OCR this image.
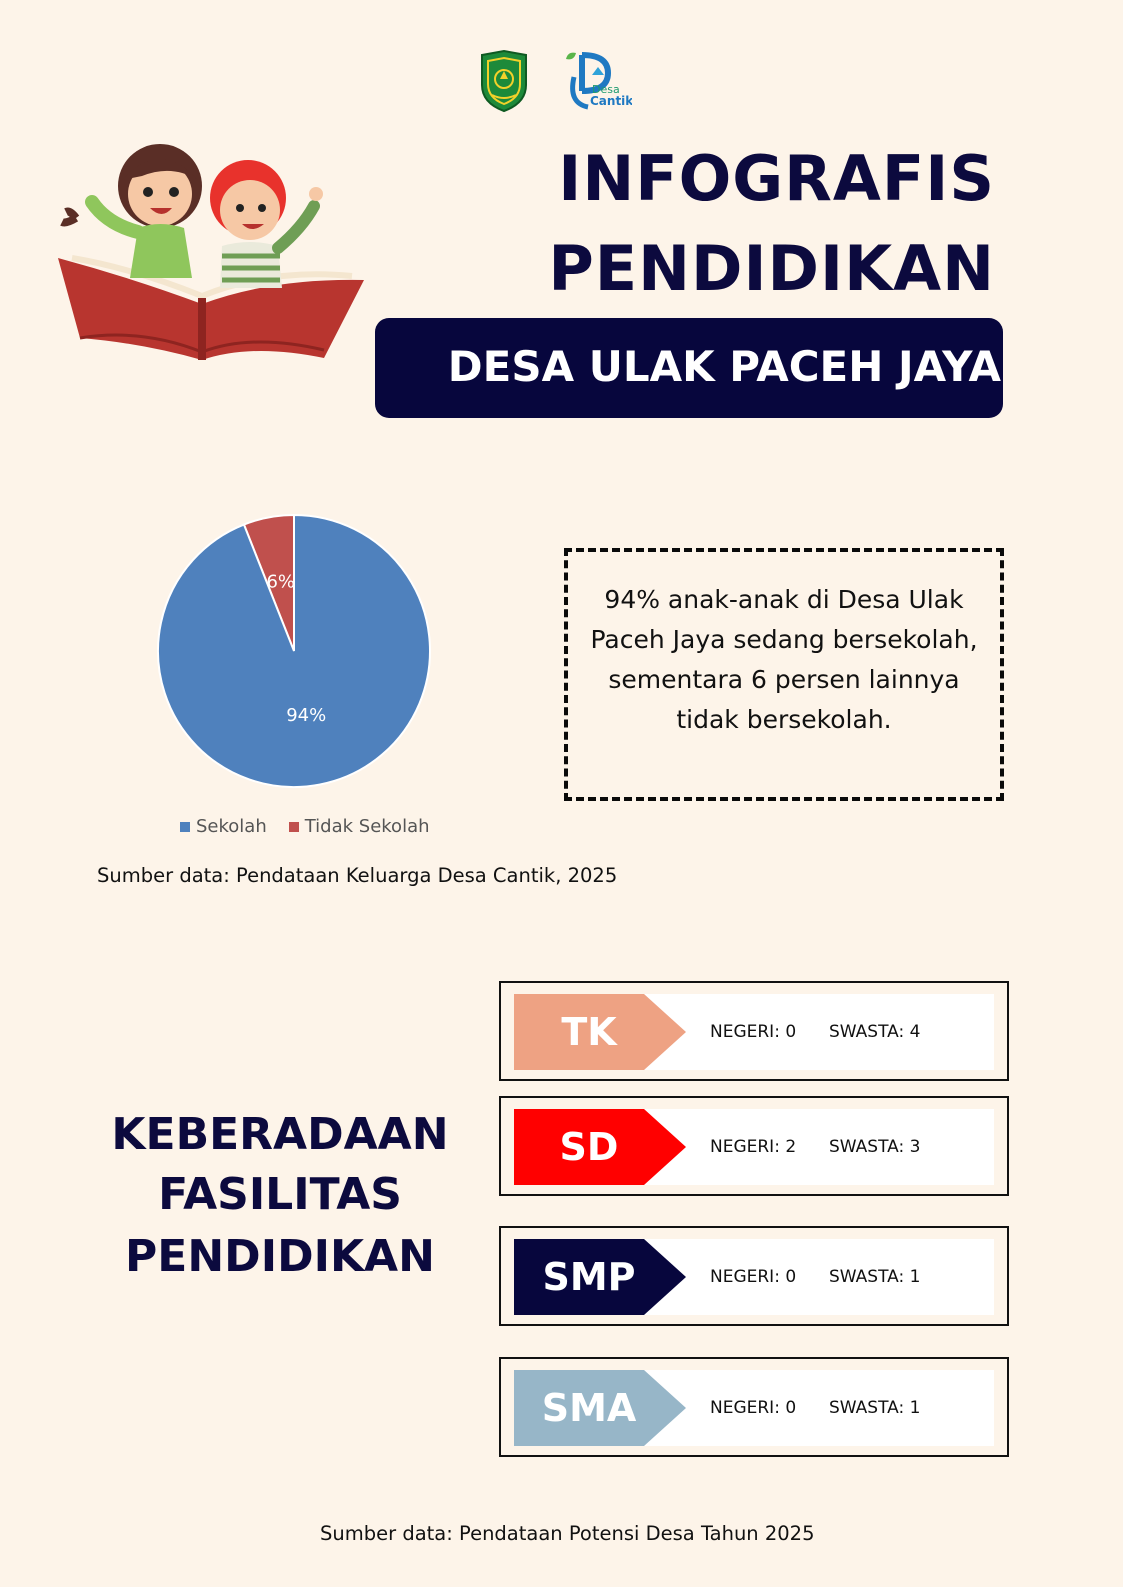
Desa
Cantik
INFOGRAFIS
PENDIDIKAN
DESA ULAK PACEH JAYA
6%
94%
Sekolah Tidak Sekolah
Sumber data: Pendataan Keluarga Desa Cantik, 2025
94% anak-anak di Desa Ulak Paceh Jaya sedang bersekolah, sementara 6 persen lainnya tidak bersekolah.
KEBERADAAN
FASILITAS
PENDIDIKAN
TK	NEGERI: 0 SWASTA: 4
SD	NEGERI: 2 SWASTA: 3
SMP	NEGERI: 0 SWASTA: 1
SMA	NEGERI: 0 SWASTA: 1
Sumber data: Pendataan Potensi Desa Tahun 2025
